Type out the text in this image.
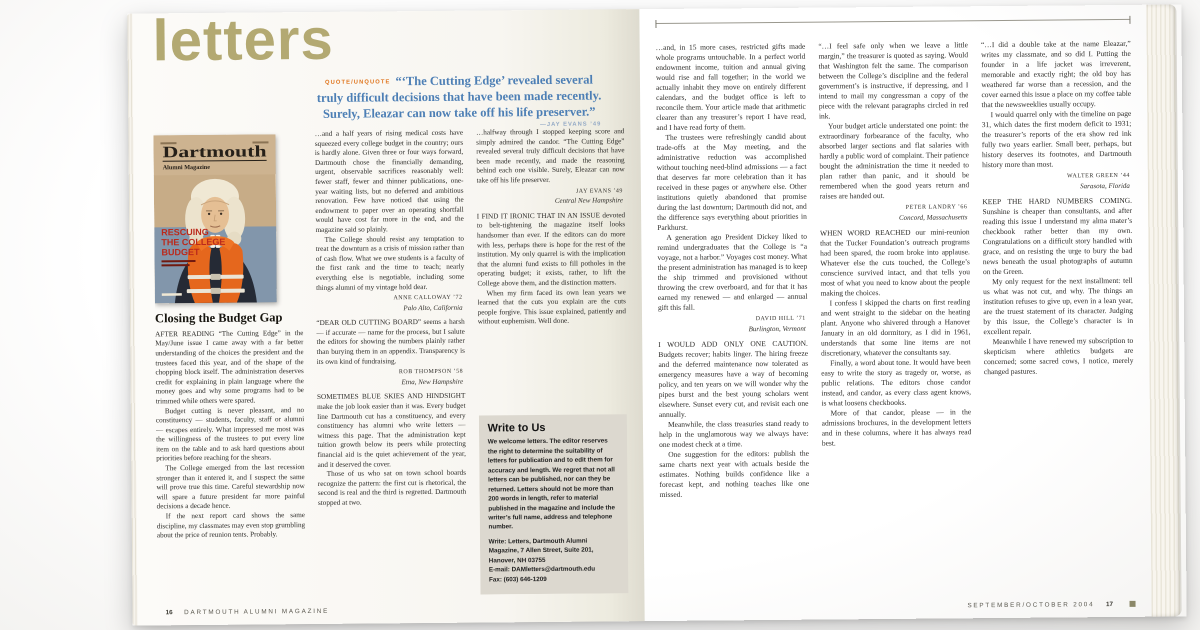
letters
$^{QUOTE/UNQUOTE}$ “‘The Cutting Edge’ revealed several
truly difficult decisions that have been made recently.
Surely, Eleazar can now take off his life preserver.”
—JAY EVANS ’49
Dartmouth
Alumni Magazine
RESCUING
THE COLLEGE
BUDGET
Closing the Budget Gap

AFTER READING “The Cutting Edge” in the May/June issue I came away with a far better understanding of the choices the president and the trustees faced this year, and of the shape of the chopping block itself. The administration deserves credit for explaining in plain language where the money goes and why some programs had to be trimmed while others were spared.

Budget cutting is never pleasant, and no constituency — students, faculty, staff or alumni — escapes entirely. What impressed me most was the willingness of the trustees to put every line item on the table and to ask hard questions about priorities before reaching for the shears.

The College emerged from the last recession stronger than it entered it, and I suspect the same will prove true this time. Careful stewardship now will spare a future president far more painful decisions a decade hence.

If the next report card shows the same discipline, my classmates may even stop grumbling about the price of reunion tents. Probably.

…and a half years of rising medical costs have squeezed every college budget in the country; ours is hardly alone. Given three or four ways forward, Dartmouth chose the financially demanding, urgent, observable sacrifices reasonably well: fewer staff, fewer and thinner publications, one-year waiting lists, but no deferred and ambitious renovation. Few have noticed that using the endowment to paper over an operating shortfall would have cost far more in the end, and the magazine said so plainly.

The College should resist any temptation to treat the downturn as a crisis of mission rather than of cash flow. What we owe students is a faculty of the first rank and the time to teach; nearly everything else is negotiable, including some things alumni of my vintage hold dear.

ANNE CALLOWAY ’72
Palo Alto, California

“DEAR OLD CUTTING BOARD” seems a harsh — if accurate — name for the process, but I salute the editors for showing the numbers plainly rather than burying them in an appendix. Transparency is its own kind of fundraising.

ROB THOMPSON ’58
Etna, New Hampshire

SOMETIMES BLUE SKIES AND HINDSIGHT make the job look easier than it was. Every budget line Dartmouth cut has a constituency, and every constituency has alumni who write letters — witness this page. That the administration kept tuition growth below its peers while protecting financial aid is the quiet achievement of the year, and it deserved the cover.

Those of us who sat on town school boards recognize the pattern: the first cut is rhetorical, the second is real and the third is regretted. Dartmouth stopped at two.

…halfway through I stopped keeping score and simply admired the candor. “The Cutting Edge” revealed several truly difficult decisions that have been made recently, and made the reasoning behind each one visible. Surely, Eleazar can now take off his life preserver.

JAY EVANS ’49
Central New Hampshire

I FIND IT IRONIC THAT IN AN ISSUE devoted to belt-tightening the magazine itself looks handsomer than ever. If the editors can do more with less, perhaps there is hope for the rest of the institution. My only quarrel is with the implication that the alumni fund exists to fill potholes in the operating budget; it exists, rather, to lift the College above them, and the distinction matters.

When my firm faced its own lean years we learned that the cuts you explain are the cuts people forgive. This issue explained, patiently and without euphemism. Well done.

Write to Us

We welcome letters. The editor reserves the right to determine the suitability of letters for publication and to edit them for accuracy and length. We regret that not all letters can be published, nor can they be returned. Letters should not be more than 200 words in length, refer to material published in the magazine and include the writer’s full name, address and telephone number.

Write: Letters, Dartmouth Alumni Magazine, 7 Allen Street, Suite 201, Hanover, NH 03755

E-mail: DAMletters@dartmouth.edu

Fax: (603) 646-1209

16 DARTMOUTH ALUMNI MAGAZINE

…and, in 15 more cases, restricted gifts made whole programs untouchable. In a perfect world endowment income, tuition and annual giving would rise and fall together; in the world we actually inhabit they move on entirely different calendars, and the budget office is left to reconcile them. Your article made that arithmetic clearer than any treasurer’s report I have read, and I have read forty of them.

The trustees were refreshingly candid about trade-offs at the May meeting, and the administrative reduction was accomplished without touching need-blind admissions — a fact that deserves far more celebration than it has received in these pages or anywhere else. Other institutions quietly abandoned that promise during the last downturn; Dartmouth did not, and the difference says everything about priorities in Parkhurst.

A generation ago President Dickey liked to remind undergraduates that the College is “a voyage, not a harbor.” Voyages cost money. What the present administration has managed is to keep the ship trimmed and provisioned without throwing the crew overboard, and for that it has earned my renewed — and enlarged — annual gift this fall.

DAVID HILL ’71
Burlington, Vermont

I WOULD ADD ONLY ONE CAUTION. Budgets recover; habits linger. The hiring freeze and the deferred maintenance now tolerated as emergency measures have a way of becoming policy, and ten years on we will wonder why the pipes burst and the best young scholars went elsewhere. Sunset every cut, and revisit each one annually.

Meanwhile, the class treasuries stand ready to help in the unglamorous way we always have: one modest check at a time.

One suggestion for the editors: publish the same charts next year with actuals beside the estimates. Nothing builds confidence like a forecast kept, and nothing teaches like one missed.

“…I feel safe only when we leave a little margin,” the treasurer is quoted as saying. Would that Washington felt the same. The comparison between the College’s discipline and the federal government’s is instructive, if depressing, and I intend to mail my congressman a copy of the piece with the relevant paragraphs circled in red ink.

Your budget article understated one point: the extraordinary forbearance of the faculty, who absorbed larger sections and flat salaries with hardly a public word of complaint. Their patience bought the administration the time it needed to plan rather than panic, and it should be remembered when the good years return and raises are handed out.

PETER LANDRY ’66
Concord, Massachusetts

WHEN WORD REACHED our mini-reunion that the Tucker Foundation’s outreach programs had been spared, the room broke into applause. Whatever else the cuts touched, the College’s conscience survived intact, and that tells you most of what you need to know about the people making the choices.

I confess I skipped the charts on first reading and went straight to the sidebar on the heating plant. Anyone who shivered through a Hanover January in an old dormitory, as I did in 1961, understands that some line items are not discretionary, whatever the consultants say.

Finally, a word about tone. It would have been easy to write the story as tragedy or, worse, as public relations. The editors chose candor instead, and candor, as every class agent knows, is what loosens checkbooks.

More of that candor, please — in the admissions brochures, in the development letters and in these columns, where it has always read best.

“…I did a double take at the name Eleazar,” writes my classmate, and so did I. Putting the founder in a life jacket was irreverent, memorable and exactly right; the old boy has weathered far worse than a recession, and the cover earned this issue a place on my coffee table that the newsweeklies usually occupy.

I would quarrel only with the timeline on page 31, which dates the first modern deficit to 1931; the treasurer’s reports of the era show red ink fully two years earlier. Small beer, perhaps, but history deserves its footnotes, and Dartmouth history more than most.

WALTER GREEN ’44
Sarasota, Florida

KEEP THE HARD NUMBERS COMING. Sunshine is cheaper than consultants, and after reading this issue I understand my alma mater’s checkbook rather better than my own. Congratulations on a difficult story handled with grace, and on resisting the urge to bury the bad news beneath the usual photographs of autumn on the Green.

My only request for the next installment: tell us what was not cut, and why. The things an institution refuses to give up, even in a lean year, are the truest statement of its character. Judging by this issue, the College’s character is in excellent repair.

Meanwhile I have renewed my subscription to skepticism where athletics budgets are concerned; some sacred cows, I notice, merely changed pastures.

SEPTEMBER/OCTOBER 2004 17
